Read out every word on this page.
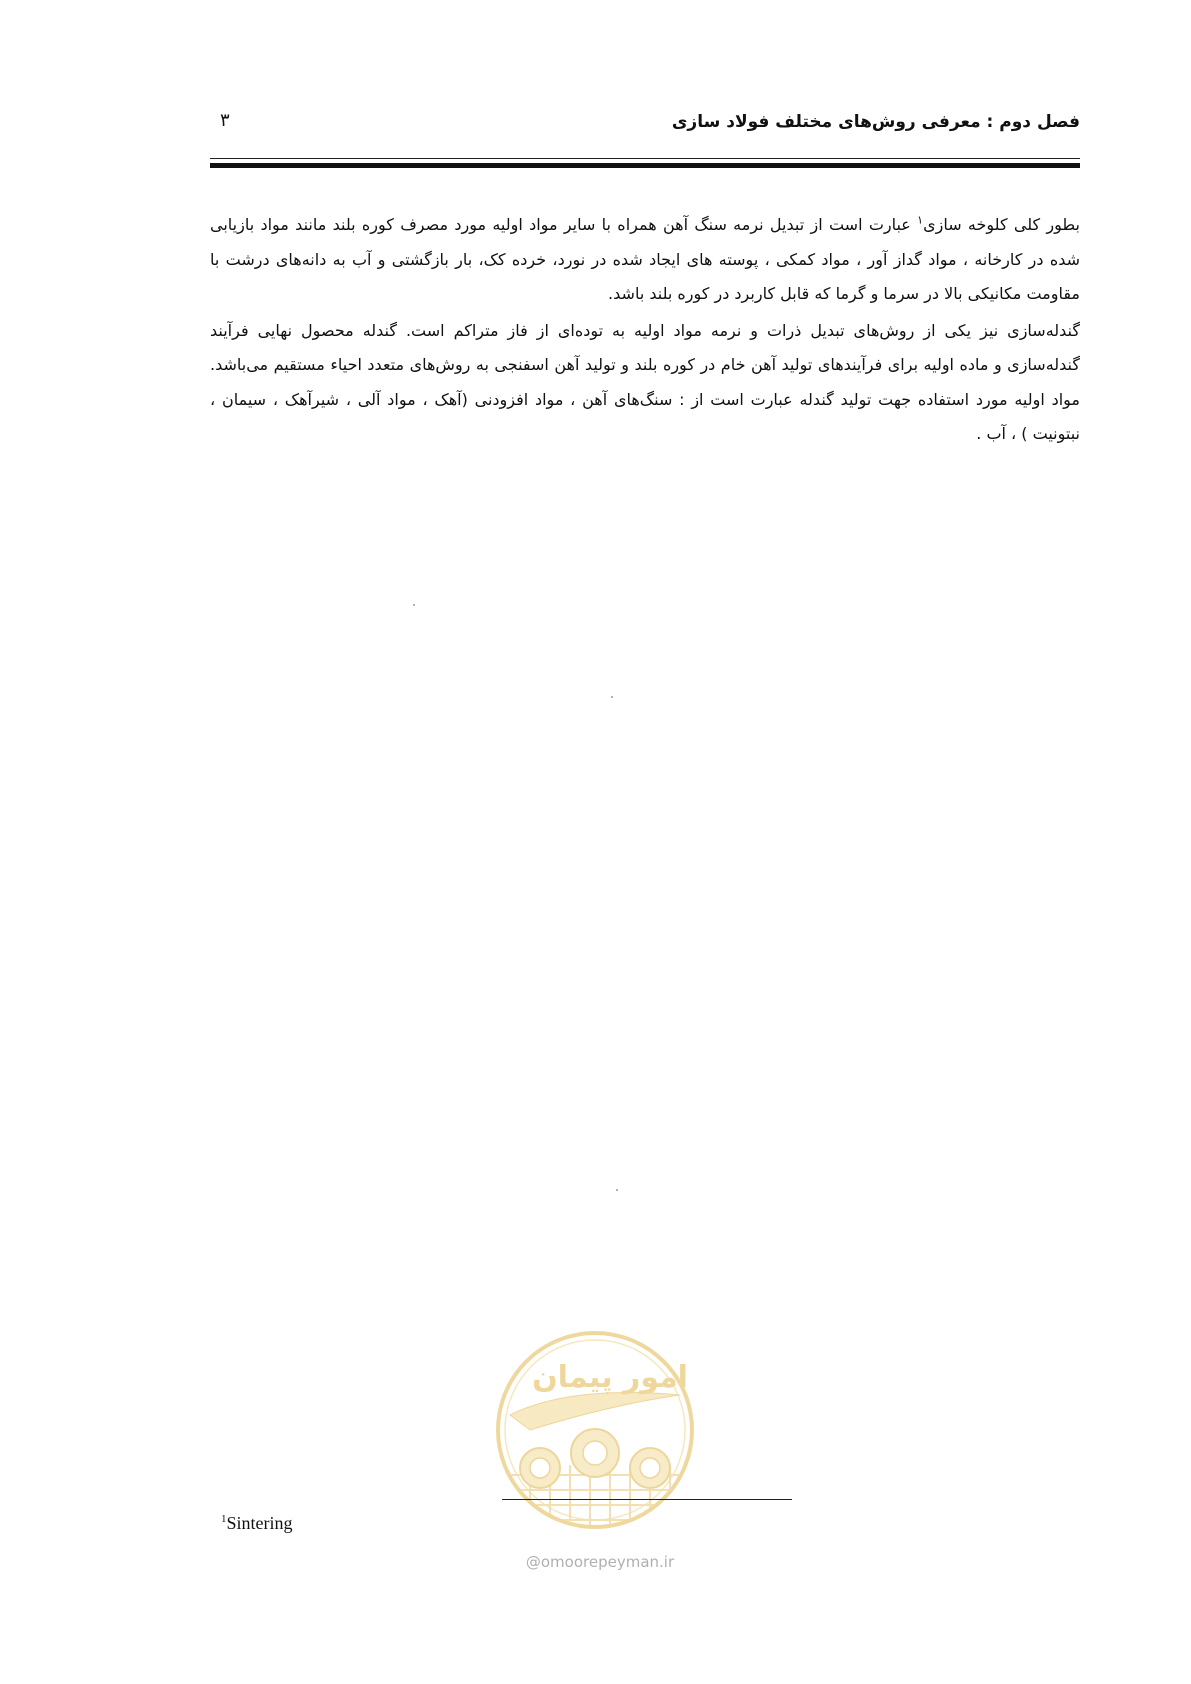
فصل دوم : معرفی روش‌های مختلف فولاد سازی
۳

بطور کلی کلوخه سازی$^۱$ عبارت است از تبدیل نرمه سنگ آهن همراه با سایر مواد اولیه مورد مصرف کوره بلند مانند مواد بازیابی شده در کارخانه ، مواد گداز آور ، مواد کمکی ، پوسته های ایجاد شده در نورد، خرده کک، بار بازگشتی و آب به دانه‌های درشت با مقاومت مکانیکی بالا در سرما و گرما که قابل کاربرد در کوره بلند باشد.

گندله‌سازی نیز یکی از روش‌های تبدیل ذرات و نرمه مواد اولیه به توده‌ای از فاز متراکم است. گندله محصول نهایی فرآیند گندله‌سازی و ماده اولیه برای فرآیندهای تولید آهن خام در کوره بلند و تولید آهن اسفنجی به روش‌های متعدد احیاء مستقیم می‌باشد. مواد اولیه مورد استفاده جهت تولید گندله عبارت است از : سنگ‌های آهن ، مواد افزودنی (آهک ، مواد آلی ، شیرآهک ، سیمان ، نبتونیت ) ، آب .

امور پیمان
$^1$Sintering
@omoorepeyman.ir
